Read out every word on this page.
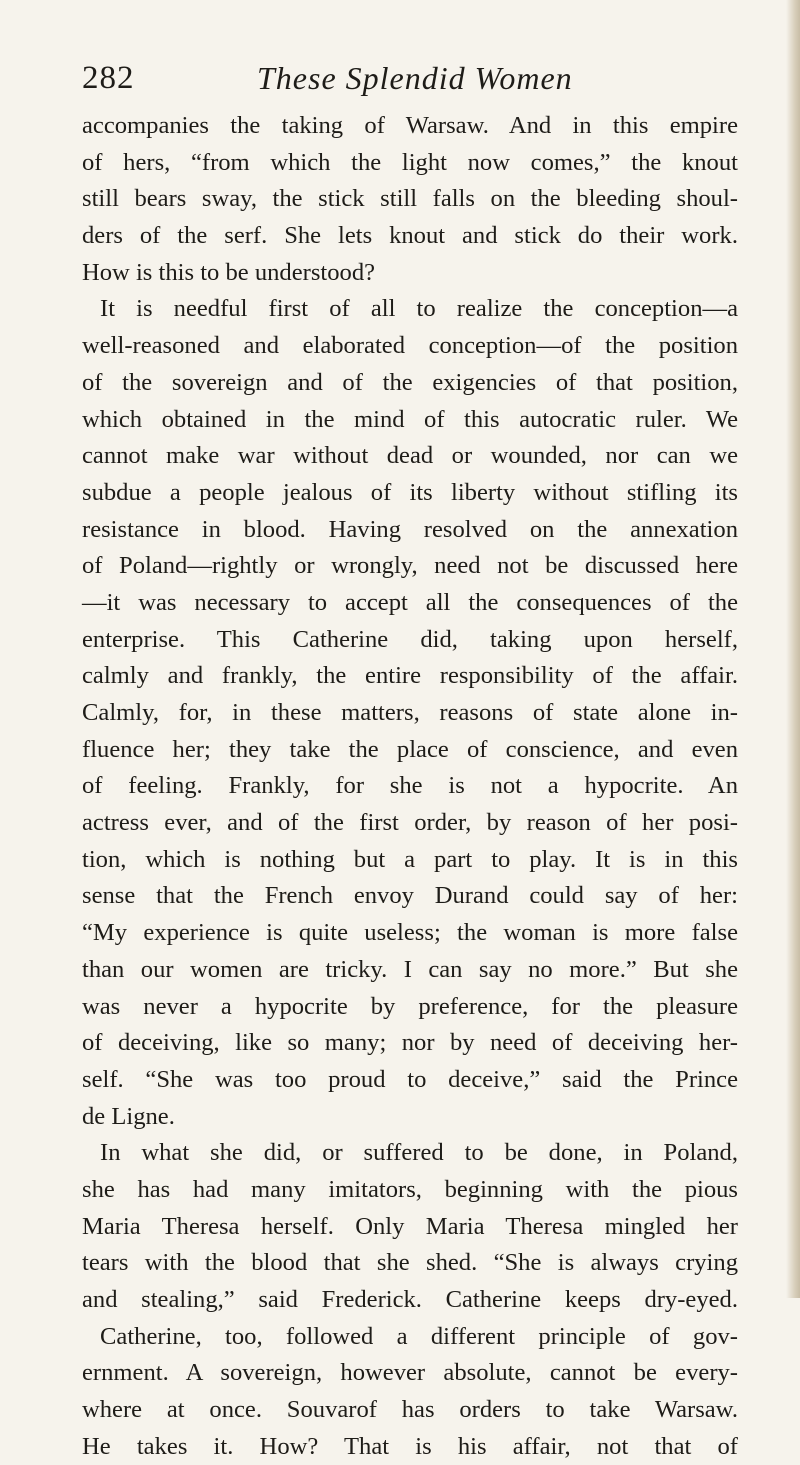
282	These Splendid Women
accompanies the taking of Warsaw. And in this empire
of hers, “from which the light now comes,” the knout
still bears sway, the stick still falls on the bleeding shoul-
ders of the serf. She lets knout and stick do their work.
How is this to be understood?
It is needful first of all to realize the conception—a
well-reasoned and elaborated conception—of the position
of the sovereign and of the exigencies of that position,
which obtained in the mind of this autocratic ruler. We
cannot make war without dead or wounded, nor can we
subdue a people jealous of its liberty without stifling its
resistance in blood. Having resolved on the annexation
of Poland—rightly or wrongly, need not be discussed here
—it was necessary to accept all the consequences of the
enterprise. This Catherine did, taking upon herself,
calmly and frankly, the entire responsibility of the affair.
Calmly, for, in these matters, reasons of state alone in-
fluence her; they take the place of conscience, and even
of feeling. Frankly, for she is not a hypocrite. An
actress ever, and of the first order, by reason of her posi-
tion, which is nothing but a part to play. It is in this
sense that the French envoy Durand could say of her:
“My experience is quite useless; the woman is more false
than our women are tricky. I can say no more.” But she
was never a hypocrite by preference, for the pleasure
of deceiving, like so many; nor by need of deceiving her-
self. “She was too proud to deceive,” said the Prince
de Ligne.
In what she did, or suffered to be done, in Poland,
she has had many imitators, beginning with the pious
Maria Theresa herself. Only Maria Theresa mingled her
tears with the blood that she shed. “She is always crying
and stealing,” said Frederick. Catherine keeps dry-eyed.
Catherine, too, followed a different principle of gov-
ernment. A sovereign, however absolute, cannot be every-
where at once. Souvarof has orders to take Warsaw.
He takes it. How? That is his affair, not that of
